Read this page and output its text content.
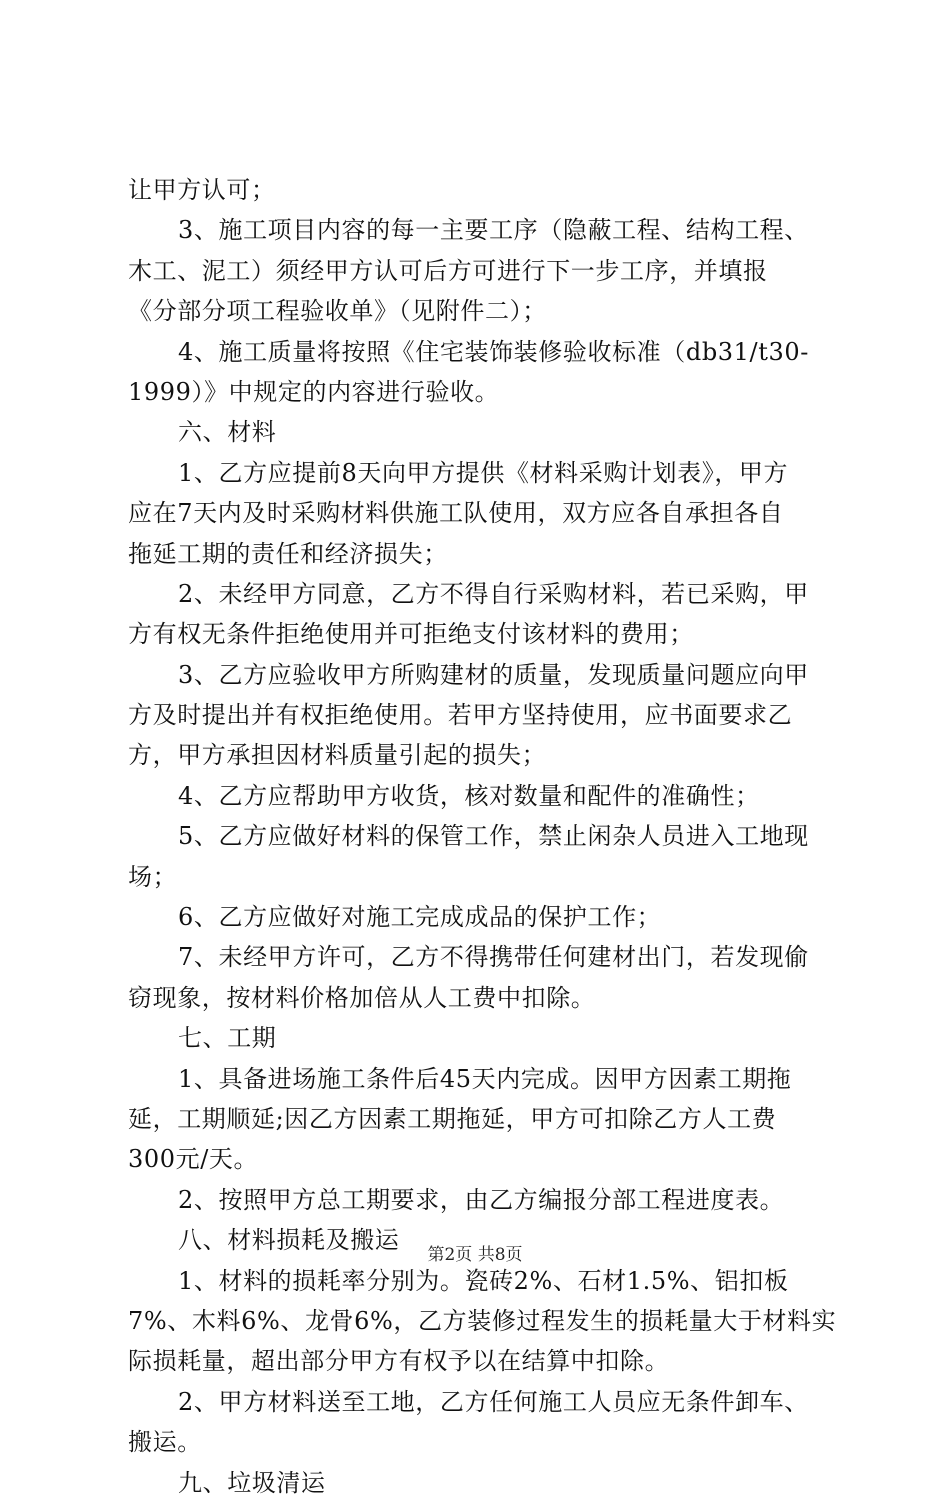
让甲方认可；
3、施工项目内容的每一主要工序（隐蔽工程、结构工程、
木工、泥工）须经甲方认可后方可进行下一步工序，并填报
《分部分项工程验收单》（见附件二）；
4、施工质量将按照《住宅装饰装修验收标准（db31/t30-
1999）》中规定的内容进行验收。
六、材料
1、乙方应提前8天向甲方提供《材料采购计划表》，甲方
应在7天内及时采购材料供施工队使用，双方应各自承担各自
拖延工期的责任和经济损失；
2、未经甲方同意，乙方不得自行采购材料，若已采购，甲
方有权无条件拒绝使用并可拒绝支付该材料的费用；
3、乙方应验收甲方所购建材的质量，发现质量问题应向甲
方及时提出并有权拒绝使用。若甲方坚持使用，应书面要求乙
方，甲方承担因材料质量引起的损失；
4、乙方应帮助甲方收货，核对数量和配件的准确性；
5、乙方应做好材料的保管工作，禁止闲杂人员进入工地现
场；
6、乙方应做好对施工完成成品的保护工作；
7、未经甲方许可，乙方不得携带任何建材出门，若发现偷
窃现象，按材料价格加倍从人工费中扣除。
七、工期
1、具备进场施工条件后45天内完成。因甲方因素工期拖
延，工期顺延;因乙方因素工期拖延，甲方可扣除乙方人工费
300元/天。
2、按照甲方总工期要求，由乙方编报分部工程进度表。
八、材料损耗及搬运
1、材料的损耗率分别为。瓷砖2%、石材1.5%、铝扣板
7%、木料6%、龙骨6%，乙方装修过程发生的损耗量大于材料实
际损耗量，超出部分甲方有权予以在结算中扣除。
2、甲方材料送至工地，乙方任何施工人员应无条件卸车、
搬运。
九、垃圾清运
第2页 共8页
